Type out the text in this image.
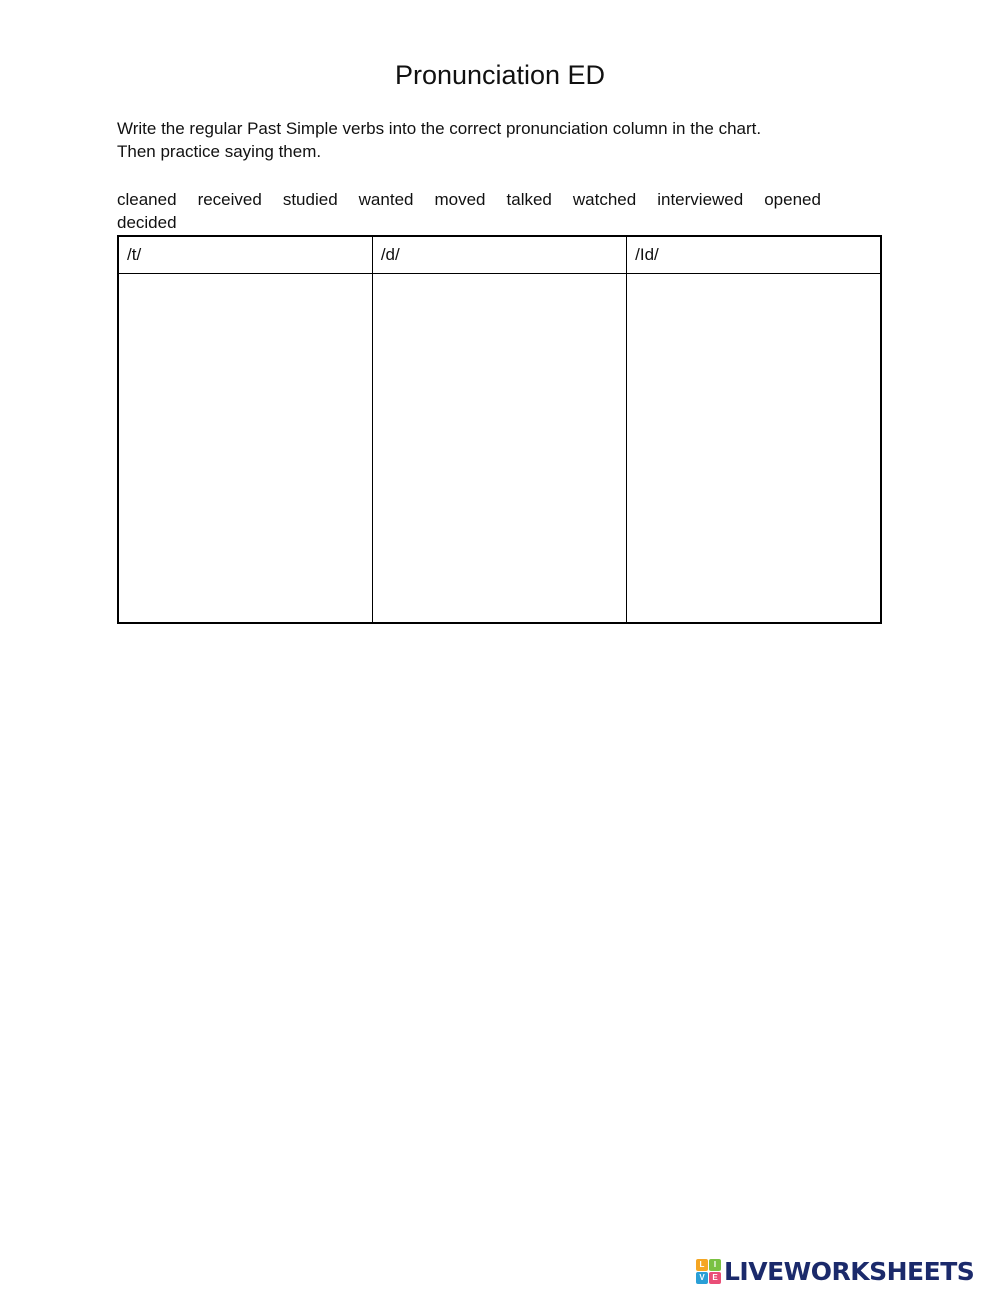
Pronunciation ED
Write the regular Past Simple verbs into the correct pronunciation column in the chart.
Then practice saying them.
cleaned received studied wanted moved talked watched interviewed opened
decided
/t/	/d/	/Id/

L	I
V E LIVEWORKSHEETS
